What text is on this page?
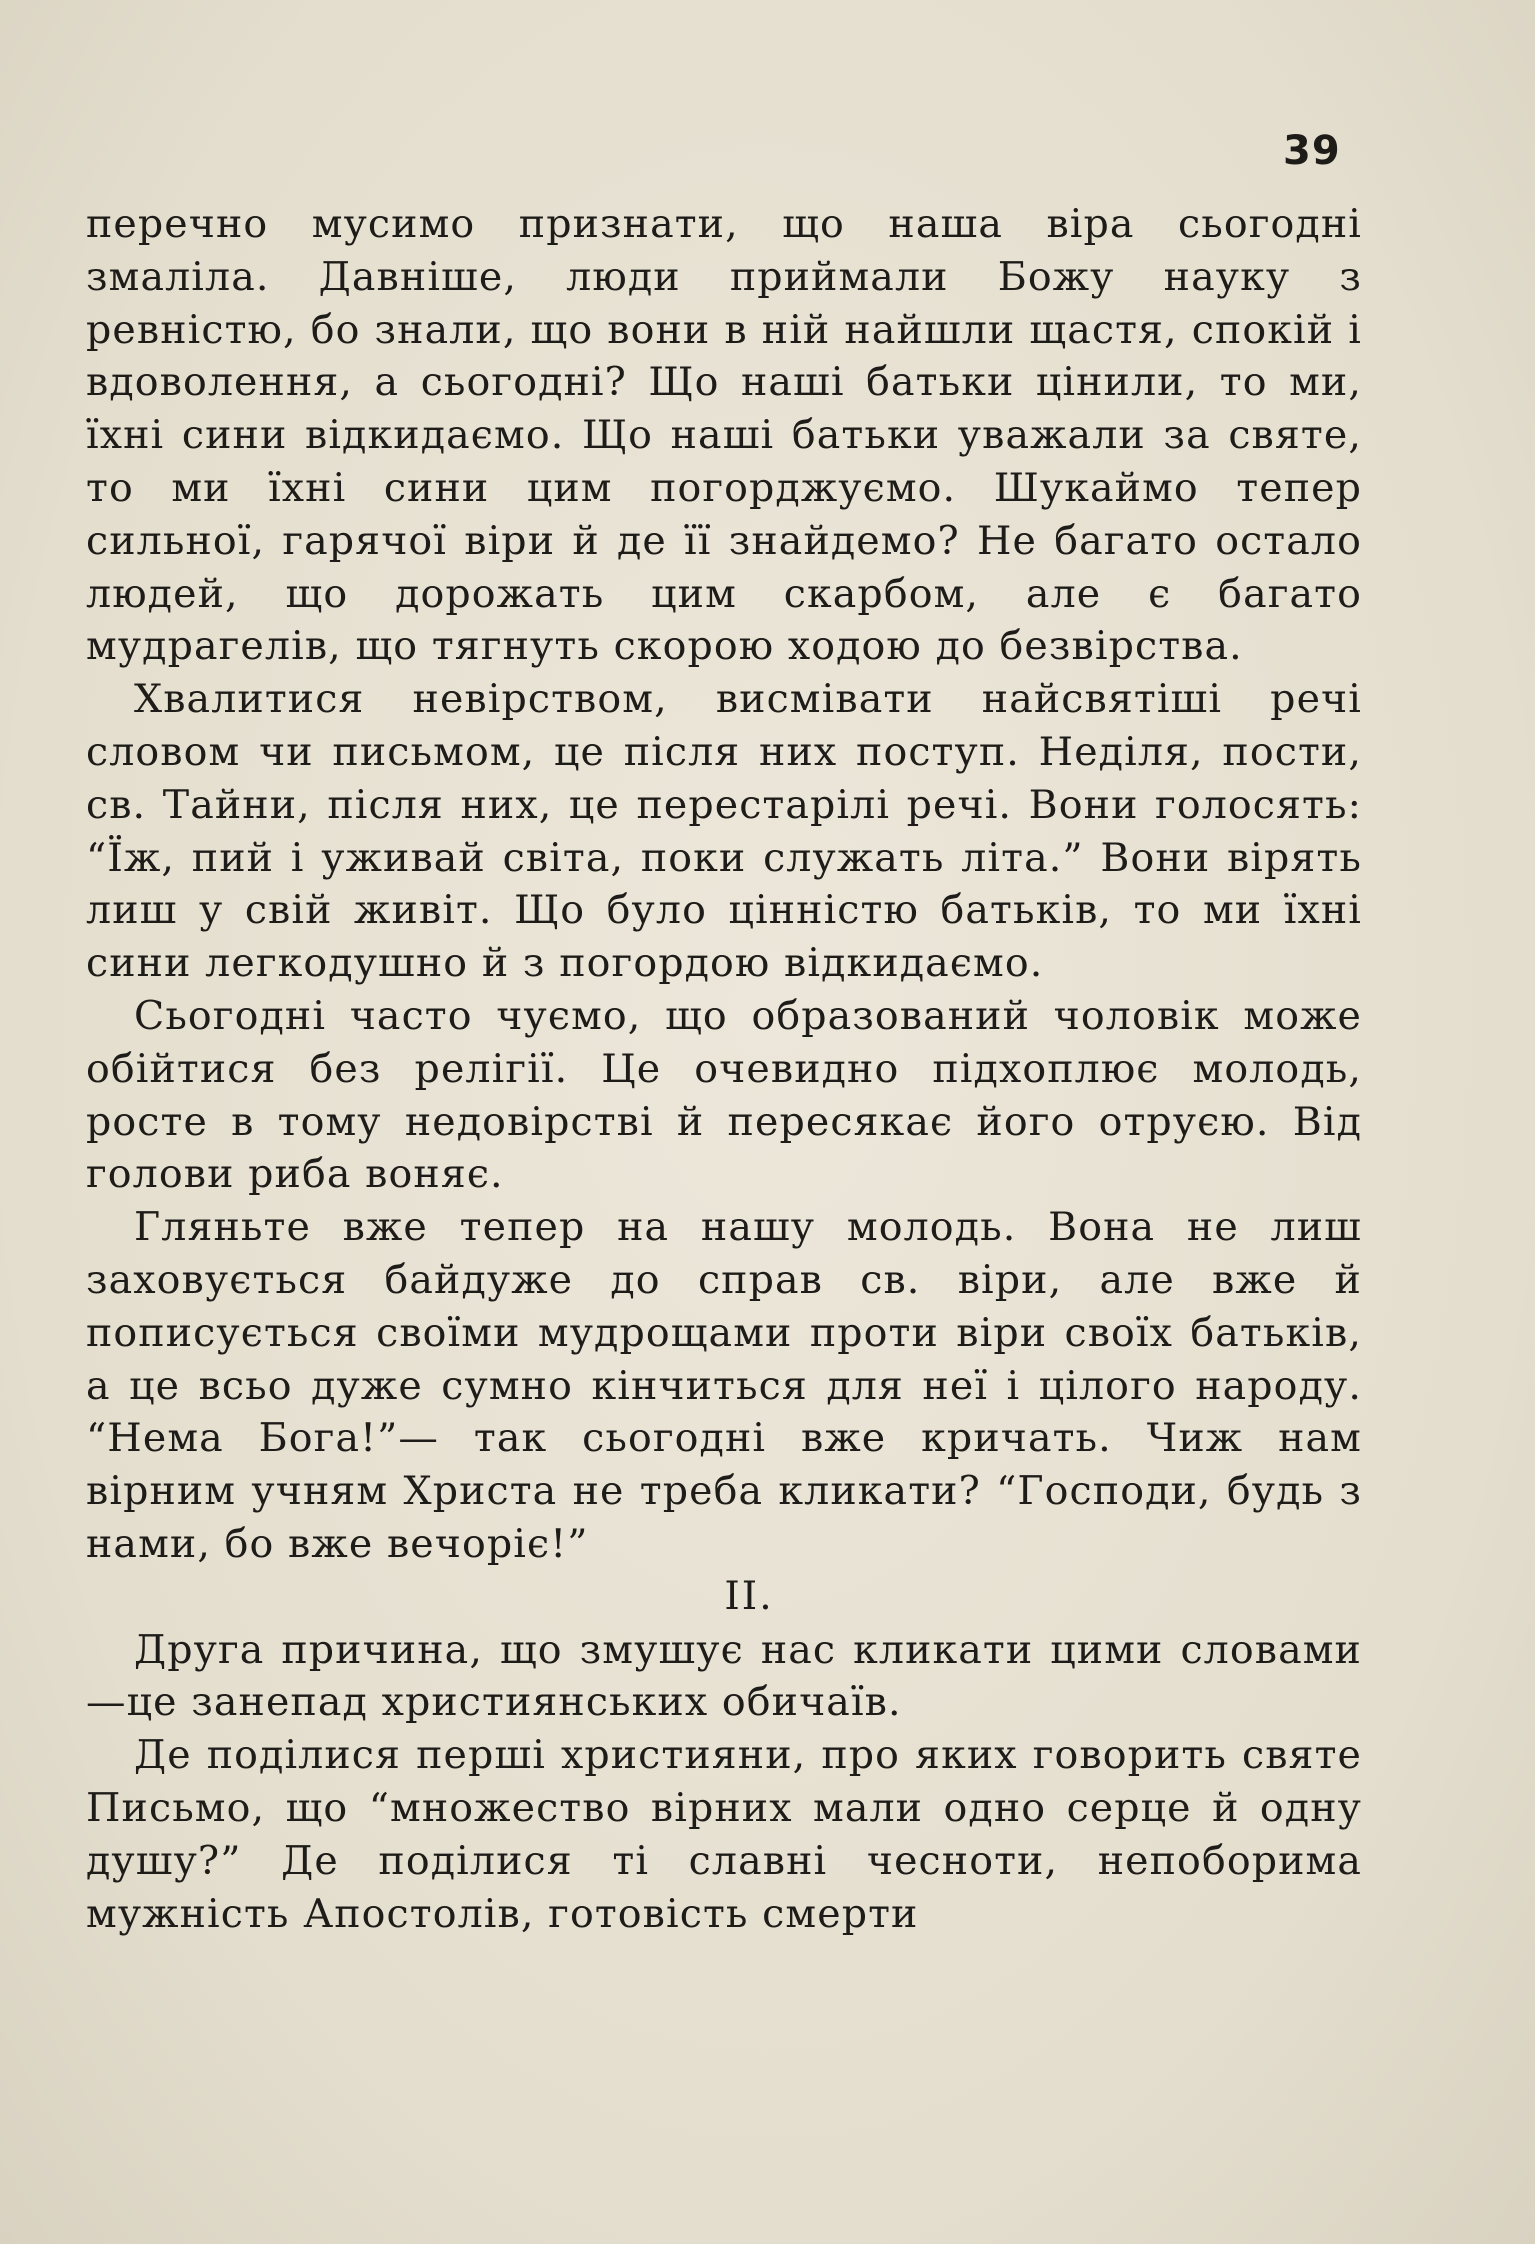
39

перечно мусимо признати, що наша віра сьогодні змаліла. Давніше, люди приймали Божу науку з ревністю, бо знали, що вони в ній найшли щастя, спокій і вдоволення, а сьогодні? Що наші батьки цінили, то ми, їхні сини відкидаємо. Що наші батьки уважали за святе, то ми їхні сини цим погорджуємо. Шукаймо тепер сильної, гарячої віри й де її знайдемо? Не багато остало людей, що дорожать цим скарбом, але є багато мудрагелів, що тягнуть скорою ходою до безвірства.

Хвалитися невірством, висмівати найсвятіші речі словом чи письмом, це після них поступ. Неділя, пости, св. Тайни, після них, це перестарілі речі. Вони голосять: “Їж, пий і уживай світа, поки служать літа.” Вони вірять лиш у свій живіт. Що було цінністю батьків, то ми їхні сини легкодушно й з погордою відкидаємо.

Сьогодні часто чуємо, що образований чоловік може обійтися без релігії. Це очевидно підхоплює молодь, росте в тому недовірстві й пересякає його отруєю. Від голови риба воняє.

Гляньте вже тепер на нашу молодь. Вона не лиш заховується байдуже до справ св. віри, але вже й пописується своїми мудрощами проти віри своїх батьків, а це всьо дуже сумно кінчиться для неї і цілого народу. “Нема Бога!”— так сьогодні вже кричать. Чиж нам вірним учням Христа не треба кликати? “Господи, будь з нами, бо вже вечоріє!”

II.

Друга причина, що змушує нас кликати цими словами—це занепад християнських обичаїв.

Де поділися перші християни, про яких говорить святе Письмо, що “множество вірних мали одно серце й одну душу?” Де поділися ті славні чесноти, непоборима мужність Апостолів, готовість смерти
